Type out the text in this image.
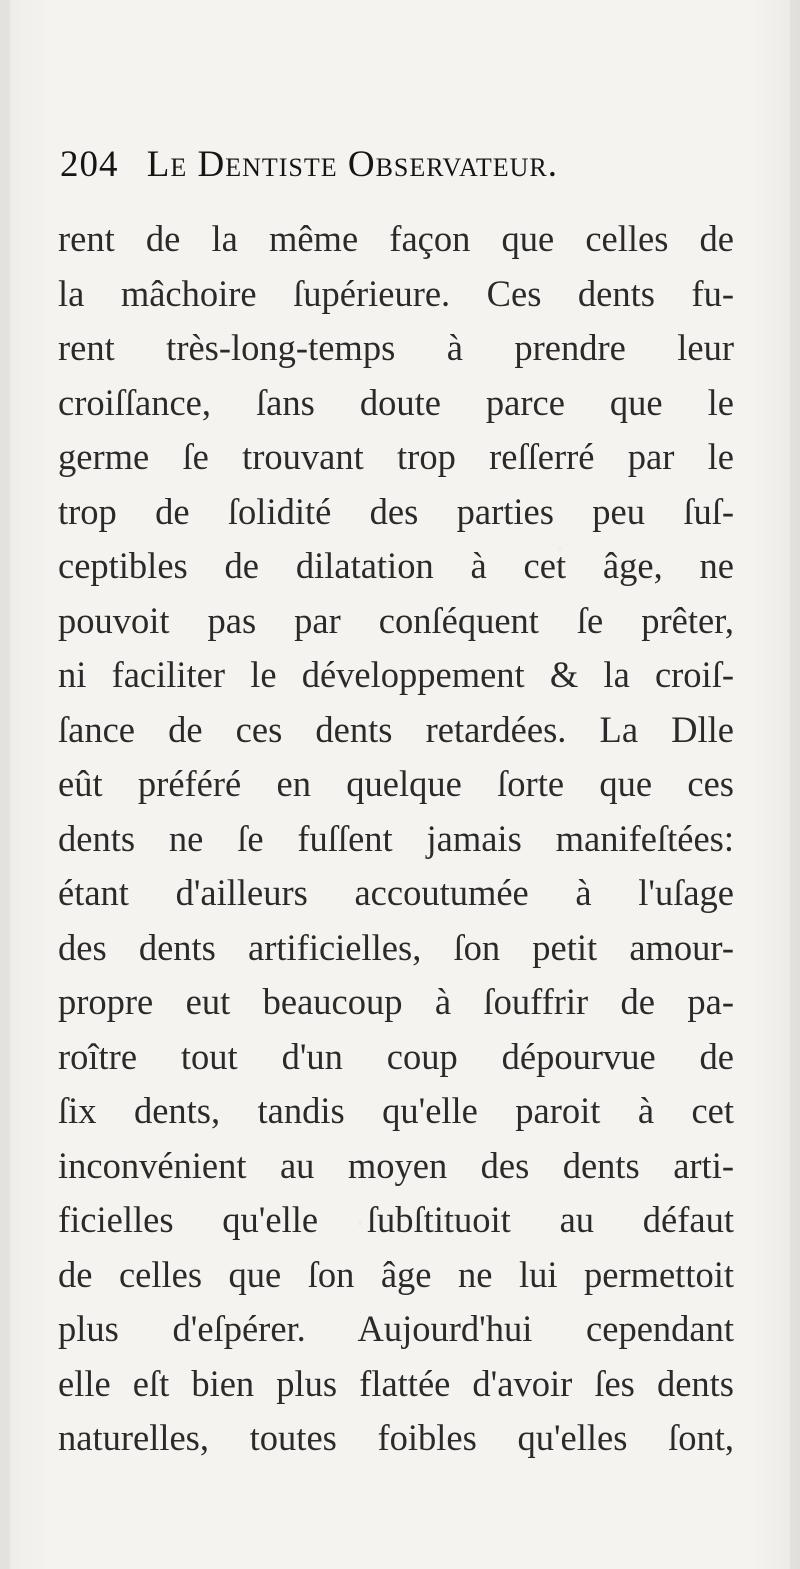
204 Le Dentiste Observateur.
rent de la même façon que celles de
la mâchoire ſupérieure. Ces dents fu-
rent très-long-temps à prendre leur
croiſſance, ſans doute parce que le
germe ſe trouvant trop reſſerré par le
trop de ſolidité des parties peu ſuſ-
ceptibles de dilatation à cet âge, ne
pouvoit pas par conſéquent ſe prêter,
ni faciliter le développement & la croiſ-
ſance de ces dents retardées. La Dlle
eût préféré en quelque ſorte que ces
dents ne ſe fuſſent jamais manifeſtées:
étant d'ailleurs accoutumée à l'uſage
des dents artificielles, ſon petit amour-
propre eut beaucoup à ſouffrir de pa-
roître tout d'un coup dépourvue de
ſix dents, tandis qu'elle paroit à cet
inconvénient au moyen des dents arti-
ficielles qu'elle ſubſtituoit au défaut
de celles que ſon âge ne lui permettoit
plus d'eſpérer. Aujourd'hui cependant
elle eſt bien plus flattée d'avoir ſes dents
naturelles, toutes foibles qu'elles ſont,
